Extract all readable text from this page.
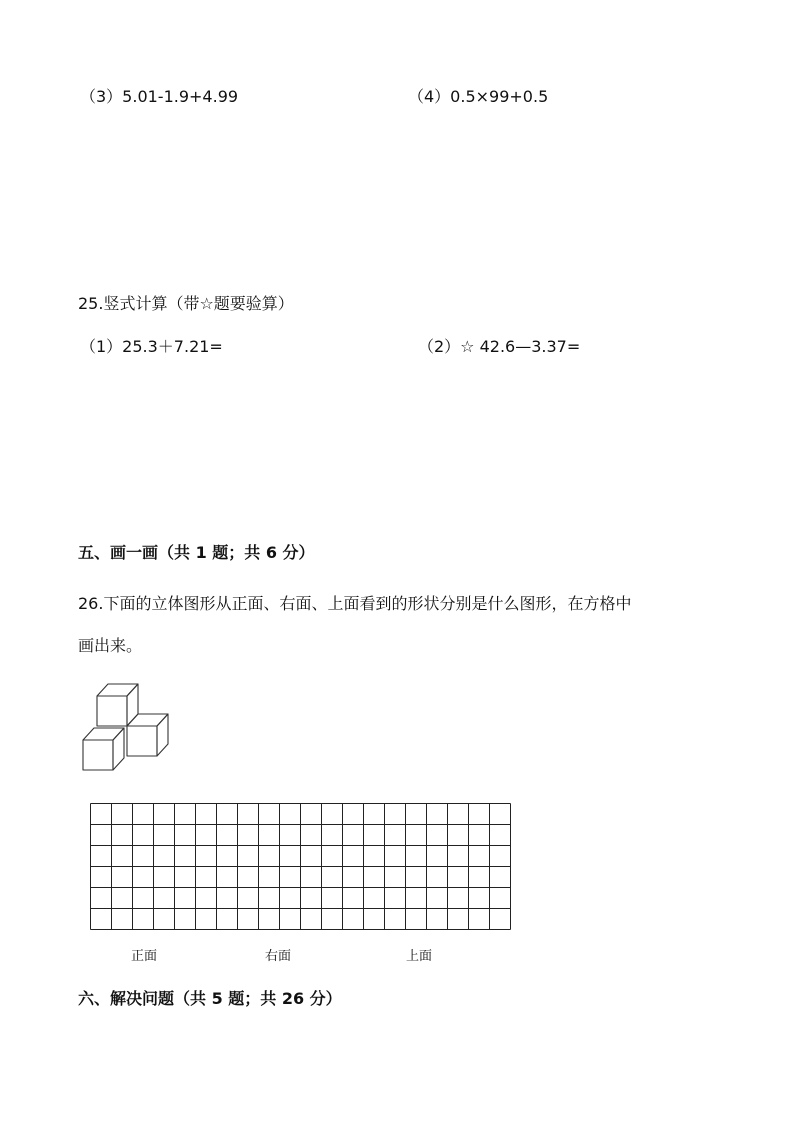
（3）5.01-1.9+4.99	（4）0.5×99+0.5
25.竖式计算（带☆题要验算）
（1）25.3＋7.21=	（2）☆ 42.6—3.37=
五、画一画（共 1 题；共 6 分）
26.下面的立体图形从正面、右面、上面看到的形状分别是什么图形，在方格中
画出来。
正面	右面	上面
六、解决问题（共 5 题；共 26 分）
